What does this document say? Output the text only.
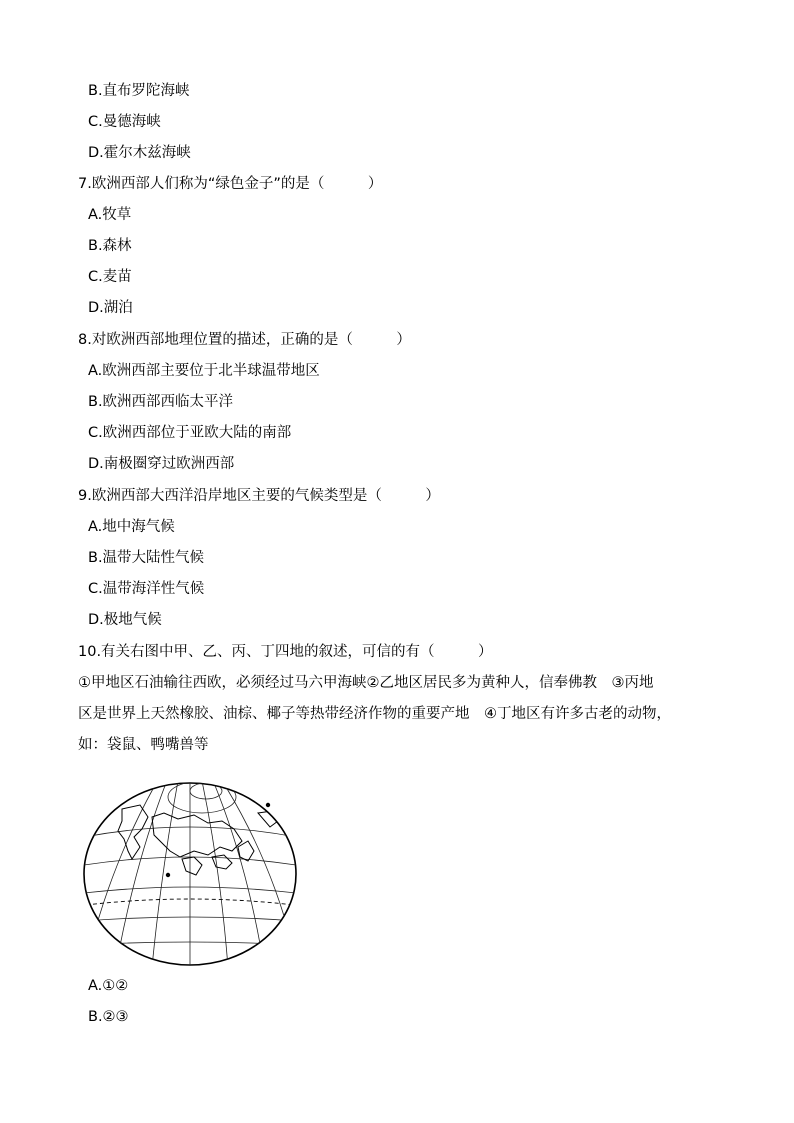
B.直布罗陀海峡
C.曼德海峡
D.霍尔木兹海峡
7.欧洲西部人们称为“绿色金子”的是（　　　）
A.牧草
B.森林
C.麦苗
D.湖泊
8.对欧洲西部地理位置的描述，正确的是（　　　）
A.欧洲西部主要位于北半球温带地区
B.欧洲西部西临太平洋
C.欧洲西部位于亚欧大陆的南部
D.南极圈穿过欧洲西部
9.欧洲西部大西洋沿岸地区主要的气候类型是（　　　）
A.地中海气候
B.温带大陆性气候
C.温带海洋性气候
D.极地气候
10.有关右图中甲、乙、丙、丁四地的叙述，可信的有（　　　）
①甲地区石油输往西欧，必须经过马六甲海峡②乙地区居民多为黄种人，信奉佛教　③丙地
区是世界上天然橡胶、油棕、椰子等热带经济作物的重要产地　④丁地区有许多古老的动物，
如：袋鼠、鸭嘴兽等
A.①②
B.②③
